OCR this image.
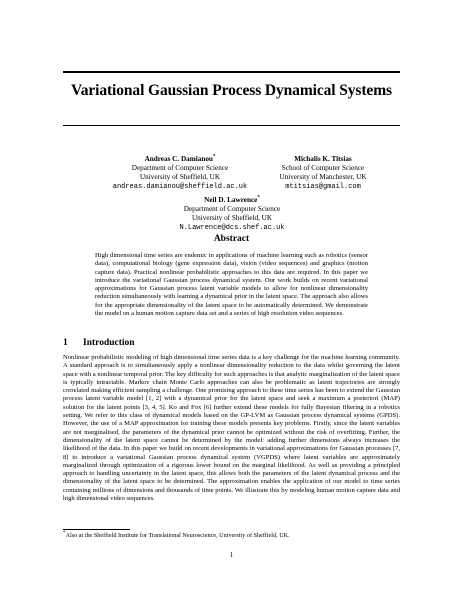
Variational Gaussian Process Dynamical Systems
Andreas C. Damianou*
Department of Computer Science
University of Sheffield, UK
andreas.damianou@sheffield.ac.uk
Michalis K. Titsias
School of Computer Science
University of Manchester, UK
mtitsias@gmail.com
Neil D. Lawrence*
Department of Computer Science
University of Sheffield, UK
N.Lawrence@dcs.shef.ac.uk
Abstract
High dimensional time series are endemic in applications of machine learning such as robotics (sensor data), computational biology (gene expression data), vision (video sequences) and graphics (motion capture data). Practical nonlinear probabilistic approaches to this data are required. In this paper we introduce the variational Gaussian process dynamical system. Our work builds on recent variational approximations for Gaussian process latent variable models to allow for nonlinear dimensionality reduction simultaneously with learning a dynamical prior in the latent space. The approach also allows for the appropriate dimensionality of the latent space to be automatically determined. We demonstrate the model on a human motion capture data set and a series of high resolution video sequences.
1 Introduction
Nonlinear probabilistic modeling of high dimensional time series data is a key challenge for the machine learning community. A standard approach is to simultaneously apply a nonlinear dimensionality reduction to the data whilst governing the latent space with a nonlinear temporal prior. The key difficulty for such approaches is that analytic marginalization of the latent space is typically intractable. Markov chain Monte Carlo approaches can also be problematic as latent trajectories are strongly correlated making efficient sampling a challenge. One promising approach to these time series has been to extend the Gaussian process latent variable model [1, 2] with a dynamical prior for the latent space and seek a maximum a posteriori (MAP) solution for the latent points [3, 4, 5]. Ko and Fox [6] further extend these models for fully Bayesian filtering in a robotics setting. We refer to this class of dynamical models based on the GP-LVM as Gaussian process dynamical systems (GPDS). However, the use of a MAP approximation for training these models presents key problems. Firstly, since the latent variables are not marginalised, the parameters of the dynamical prior cannot be optimized without the risk of overfitting. Further, the dimensionality of the latent space cannot be determined by the model: adding further dimensions always increases the likelihood of the data. In this paper we build on recent developments in variational approximations for Gaussian processes [7, 8] to introduce a variational Gaussian process dynamical system (VGPDS) where latent variables are approximately marginalized through optimization of a rigorous lower bound on the marginal likelihood. As well as providing a principled approach to handling uncertainty in the latent space, this allows both the parameters of the latent dynamical process and the dimensionality of the latent space to be determined. The approximation enables the application of our model to time series containing millions of dimensions and thousands of time points. We illustrate this by modeling human motion capture data and high dimensional video sequences.
*Also at the Sheffield Institute for Translational Neuroscience, University of Sheffield, UK.
1
